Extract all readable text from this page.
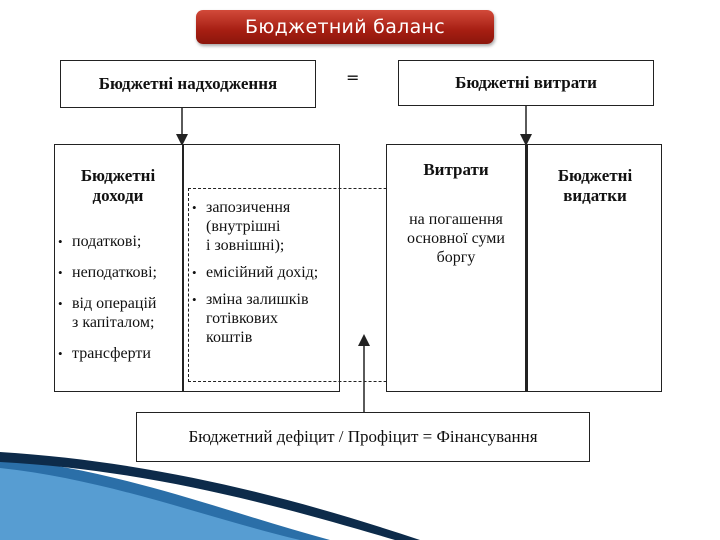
Бюджетний баланс
Бюджетні надходження	=	Бюджетні витрати
Бюджетні
доходи
• податкові;
• неподаткові;
• від операцій
з капіталом;
• трансферти
• запозичення
(внутрішні
і зовнішні);
• емісійний дохід;
• зміна залишків
готівкових
коштів
Витрати
на погашення
основної суми
боргу
Бюджетні
видатки
Бюджетний дефіцит / Профіцит = Фінансування
